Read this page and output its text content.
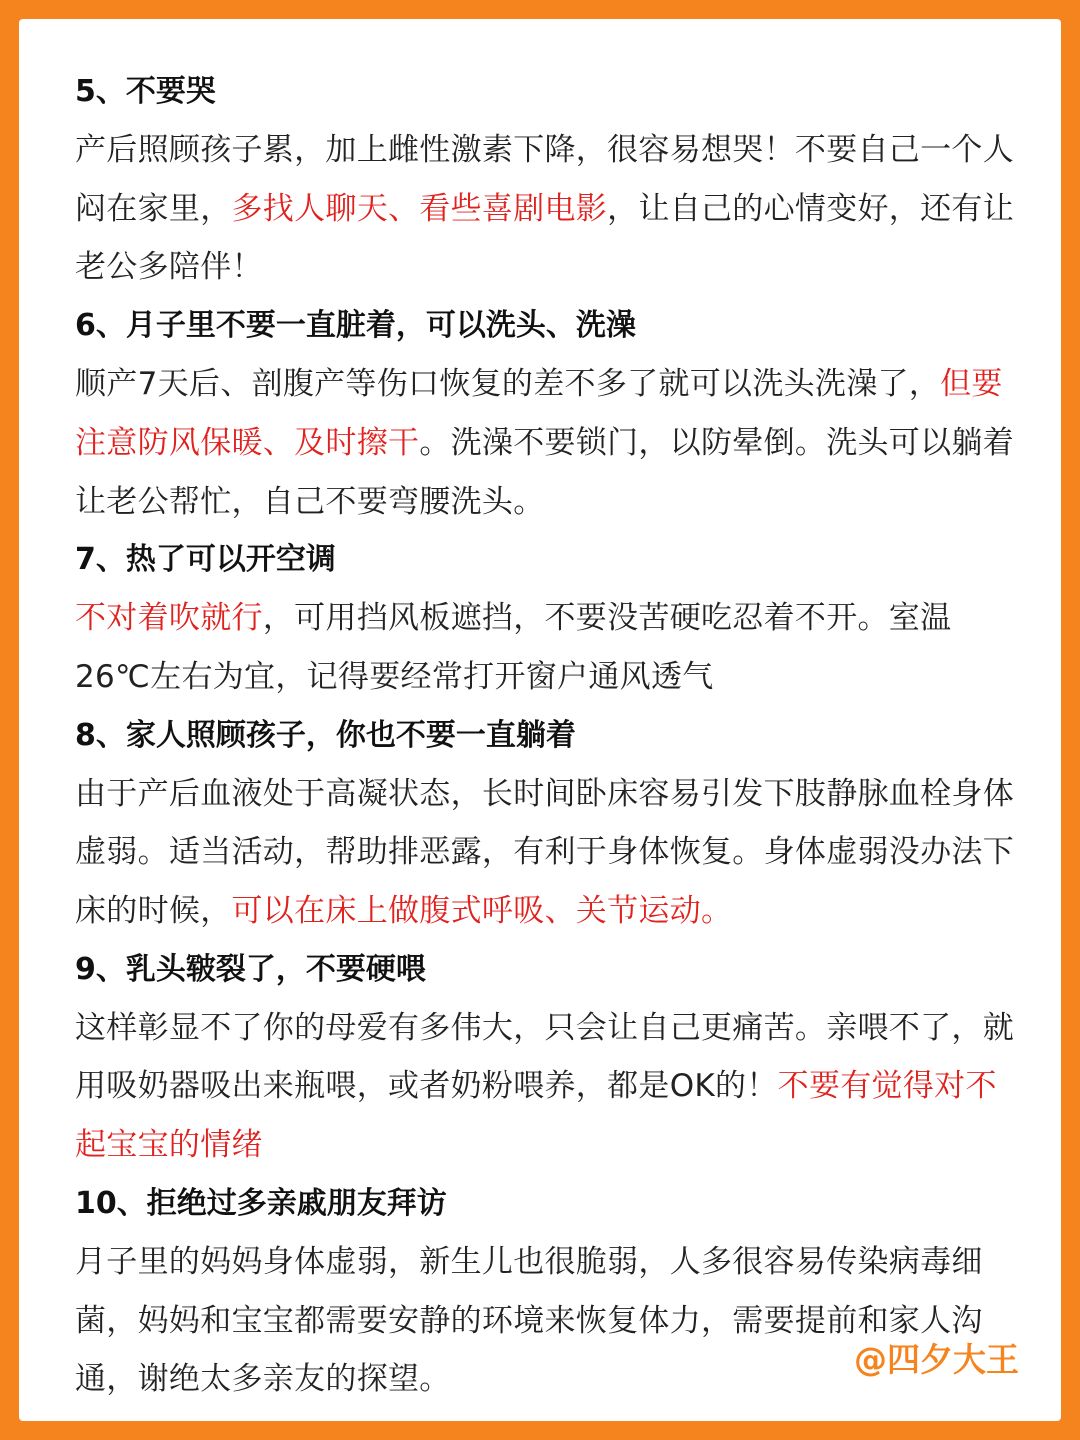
5、不要哭
产后照顾孩子累，加上雌性激素下降，很容易想哭！不要自己一个人闷在家里，多找人聊天、看些喜剧电影，让自己的心情变好，还有让老公多陪伴！
6、月子里不要一直脏着，可以洗头、洗澡
顺产7天后、剖腹产等伤口恢复的差不多了就可以洗头洗澡了，但要注意防风保暖、及时擦干。洗澡不要锁门，以防晕倒。洗头可以躺着让老公帮忙，自己不要弯腰洗头。
7、热了可以开空调
不对着吹就行，可用挡风板遮挡，不要没苦硬吃忍着不开。室温26℃左右为宜，记得要经常打开窗户通风透气
8、家人照顾孩子，你也不要一直躺着
由于产后血液处于高凝状态，长时间卧床容易引发下肢静脉血栓身体虚弱。适当活动，帮助排恶露，有利于身体恢复。身体虚弱没办法下床的时候，可以在床上做腹式呼吸、关节运动。
9、乳头皲裂了，不要硬喂
这样彰显不了你的母爱有多伟大，只会让自己更痛苦。亲喂不了，就用吸奶器吸出来瓶喂，或者奶粉喂养，都是OK的！不要有觉得对不起宝宝的情绪
10、拒绝过多亲戚朋友拜访
月子里的妈妈身体虚弱，新生儿也很脆弱，人多很容易传染病毒细菌，妈妈和宝宝都需要安静的环境来恢复体力，需要提前和家人沟通，谢绝太多亲友的探望。
@四夕大王
